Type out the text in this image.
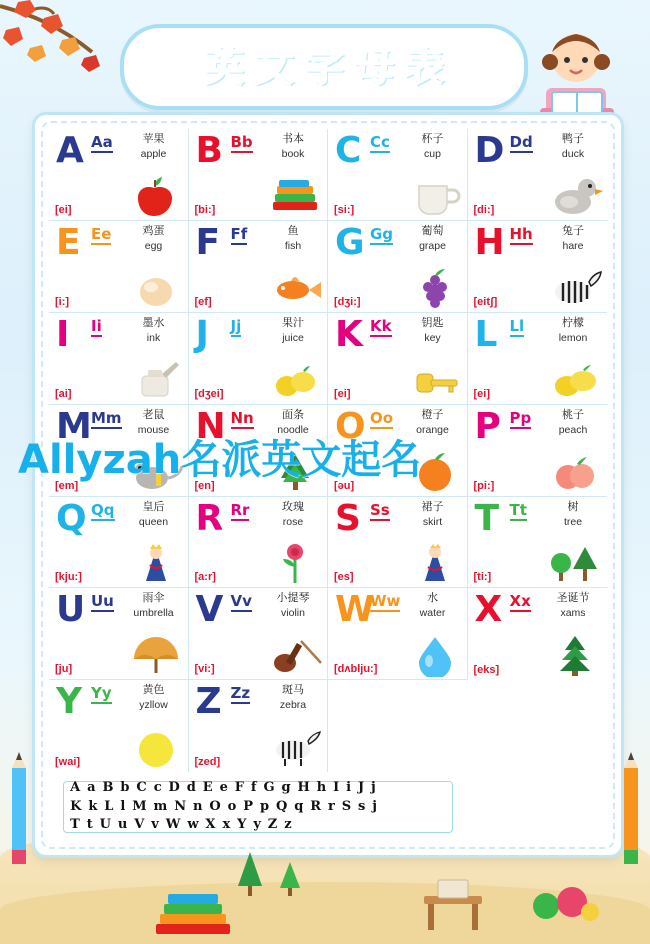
英 文 字 母 表
A Aa	苹果
apple
[ei]
B Bb	书本
book
[bi:]
C Cc	杯子
cup
[si:]
D Dd	鸭子
duck
[di:]
E Ee	鸡蛋
egg
[i:]
F Ff	鱼
fish
[ef]
G Gg	葡萄
grape
[dʒi:]
H Hh	兔子
hare
[eitʃ]
I Ii	墨水
ink
[ai]
J Jj	果汁
juice
[dʒei]
K Kk	钥匙
key
[ei]
L Ll	柠檬
lemon
[ei]
M Mm	老鼠
mouse
[em]
N Nn	面条
noodle
[en]
O Oo	橙子
orange
[ǝu]
P Pp	桃子
peach
[pi:]
Q Qq	皇后
queen
[kju:]
R Rr	玫瑰
rose
[a:r]
S Ss	裙子
skirt
[es]
T Tt	树
tree
[ti:]
U Uu	雨伞
umbrella
[ju]
V Vv	小提琴
violin
[vi:]
W
Ww	水
water
[dʌblju:]
X Xx	圣诞节
xams
[eks]
Y Yy	黄色
yzllow
[wai]
Z Zz	斑马
zebra
[zed]
A a B b C c D d E e F f G g H h I i J j
K k L l M m N n O o P p Q q R r S s j
T t U u V v W w X x Y y Z z
Allyzah名派英文起名
